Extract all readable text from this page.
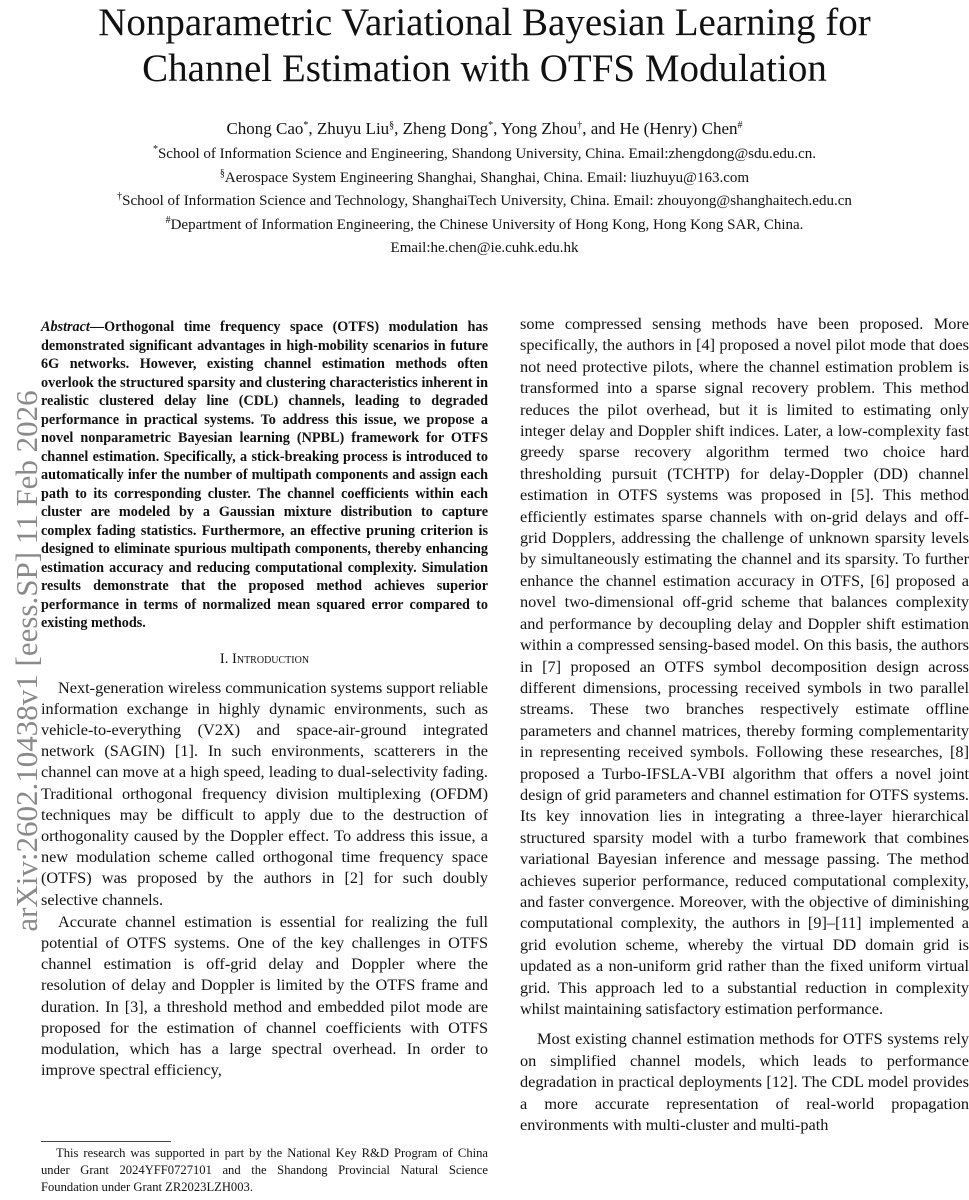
Nonparametric Variational Bayesian Learning for
Channel Estimation with OTFS Modulation
Chong Cao*, Zhuyu Liu§, Zheng Dong*, Yong Zhou†, and He (Henry) Chen#
*School of Information Science and Engineering, Shandong University, China. Email:zhengdong@sdu.edu.cn.
§Aerospace System Engineering Shanghai, Shanghai, China. Email: liuzhuyu@163.com
†School of Information Science and Technology, ShanghaiTech University, China. Email: zhouyong@shanghaitech.edu.cn
#Department of Information Engineering, the Chinese University of Hong Kong, Hong Kong SAR, China.
Email:he.chen@ie.cuhk.edu.hk
arXiv:2602.10438v1 [eess.SP] 11 Feb 2026

Abstract—Orthogonal time frequency space (OTFS) modulation has demonstrated significant advantages in high-mobility scenarios in future 6G networks. However, existing channel estimation methods often overlook the structured sparsity and clustering characteristics inherent in realistic clustered delay line (CDL) channels, leading to degraded performance in practical systems. To address this issue, we propose a novel nonparametric Bayesian learning (NPBL) framework for OTFS channel estimation. Specifically, a stick-breaking process is introduced to automatically infer the number of multipath components and assign each path to its corresponding cluster. The channel coefficients within each cluster are modeled by a Gaussian mixture distribution to capture complex fading statistics. Furthermore, an effective pruning criterion is designed to eliminate spurious multipath components, thereby enhancing estimation accuracy and reducing computational complexity. Simulation results demonstrate that the proposed method achieves superior performance in terms of normalized mean squared error compared to existing methods.

I. Introduction

Next-generation wireless communication systems support reliable information exchange in highly dynamic environments, such as vehicle-to-everything (V2X) and space-air-ground integrated network (SAGIN) [1]. In such environments, scatterers in the channel can move at a high speed, leading to dual-selectivity fading. Traditional orthogonal frequency division multiplexing (OFDM) techniques may be difficult to apply due to the destruction of orthogonality caused by the Doppler effect. To address this issue, a new modulation scheme called orthogonal time frequency space (OTFS) was proposed by the authors in [2] for such doubly selective channels.

Accurate channel estimation is essential for realizing the full potential of OTFS systems. One of the key challenges in OTFS channel estimation is off-grid delay and Doppler where the resolution of delay and Doppler is limited by the OTFS frame and duration. In [3], a threshold method and embedded pilot mode are proposed for the estimation of channel coefficients with OTFS modulation, which has a large spectral overhead. In order to improve spectral efficiency,

some compressed sensing methods have been proposed. More specifically, the authors in [4] proposed a novel pilot mode that does not need protective pilots, where the channel estimation problem is transformed into a sparse signal recovery problem. This method reduces the pilot overhead, but it is limited to estimating only integer delay and Doppler shift indices. Later, a low-complexity fast greedy sparse recovery algorithm termed two choice hard thresholding pursuit (TCHTP) for delay-Doppler (DD) channel estimation in OTFS systems was proposed in [5]. This method efficiently estimates sparse channels with on-grid delays and off-grid Dopplers, addressing the challenge of unknown sparsity levels by simultaneously estimating the channel and its sparsity. To further enhance the channel estimation accuracy in OTFS, [6] proposed a novel two-dimensional off-grid scheme that balances complexity and performance by decoupling delay and Doppler shift estimation within a compressed sensing-based model. On this basis, the authors in [7] proposed an OTFS symbol decomposition design across different dimensions, processing received symbols in two parallel streams. These two branches respectively estimate offline parameters and channel matrices, thereby forming complementarity in representing received symbols. Following these researches, [8] proposed a Turbo-IFSLA-VBI algorithm that offers a novel joint design of grid parameters and channel estimation for OTFS systems. Its key innovation lies in integrating a three-layer hierarchical structured sparsity model with a turbo framework that combines variational Bayesian inference and message passing. The method achieves superior performance, reduced computational complexity, and faster convergence. Moreover, with the objective of diminishing computational complexity, the authors in [9]–[11] implemented a grid evolution scheme, whereby the virtual DD domain grid is updated as a non-uniform grid rather than the fixed uniform virtual grid. This approach led to a substantial reduction in complexity whilst maintaining satisfactory estimation performance.

Most existing channel estimation methods for OTFS systems rely on simplified channel models, which leads to performance degradation in practical deployments [12]. The CDL model provides a more accurate representation of real-world propagation environments with multi-cluster and multi-path

This research was supported in part by the National Key R&D Program of China under Grant 2024YFF0727101 and the Shandong Provincial Natural Science Foundation under Grant ZR2023LZH003.
